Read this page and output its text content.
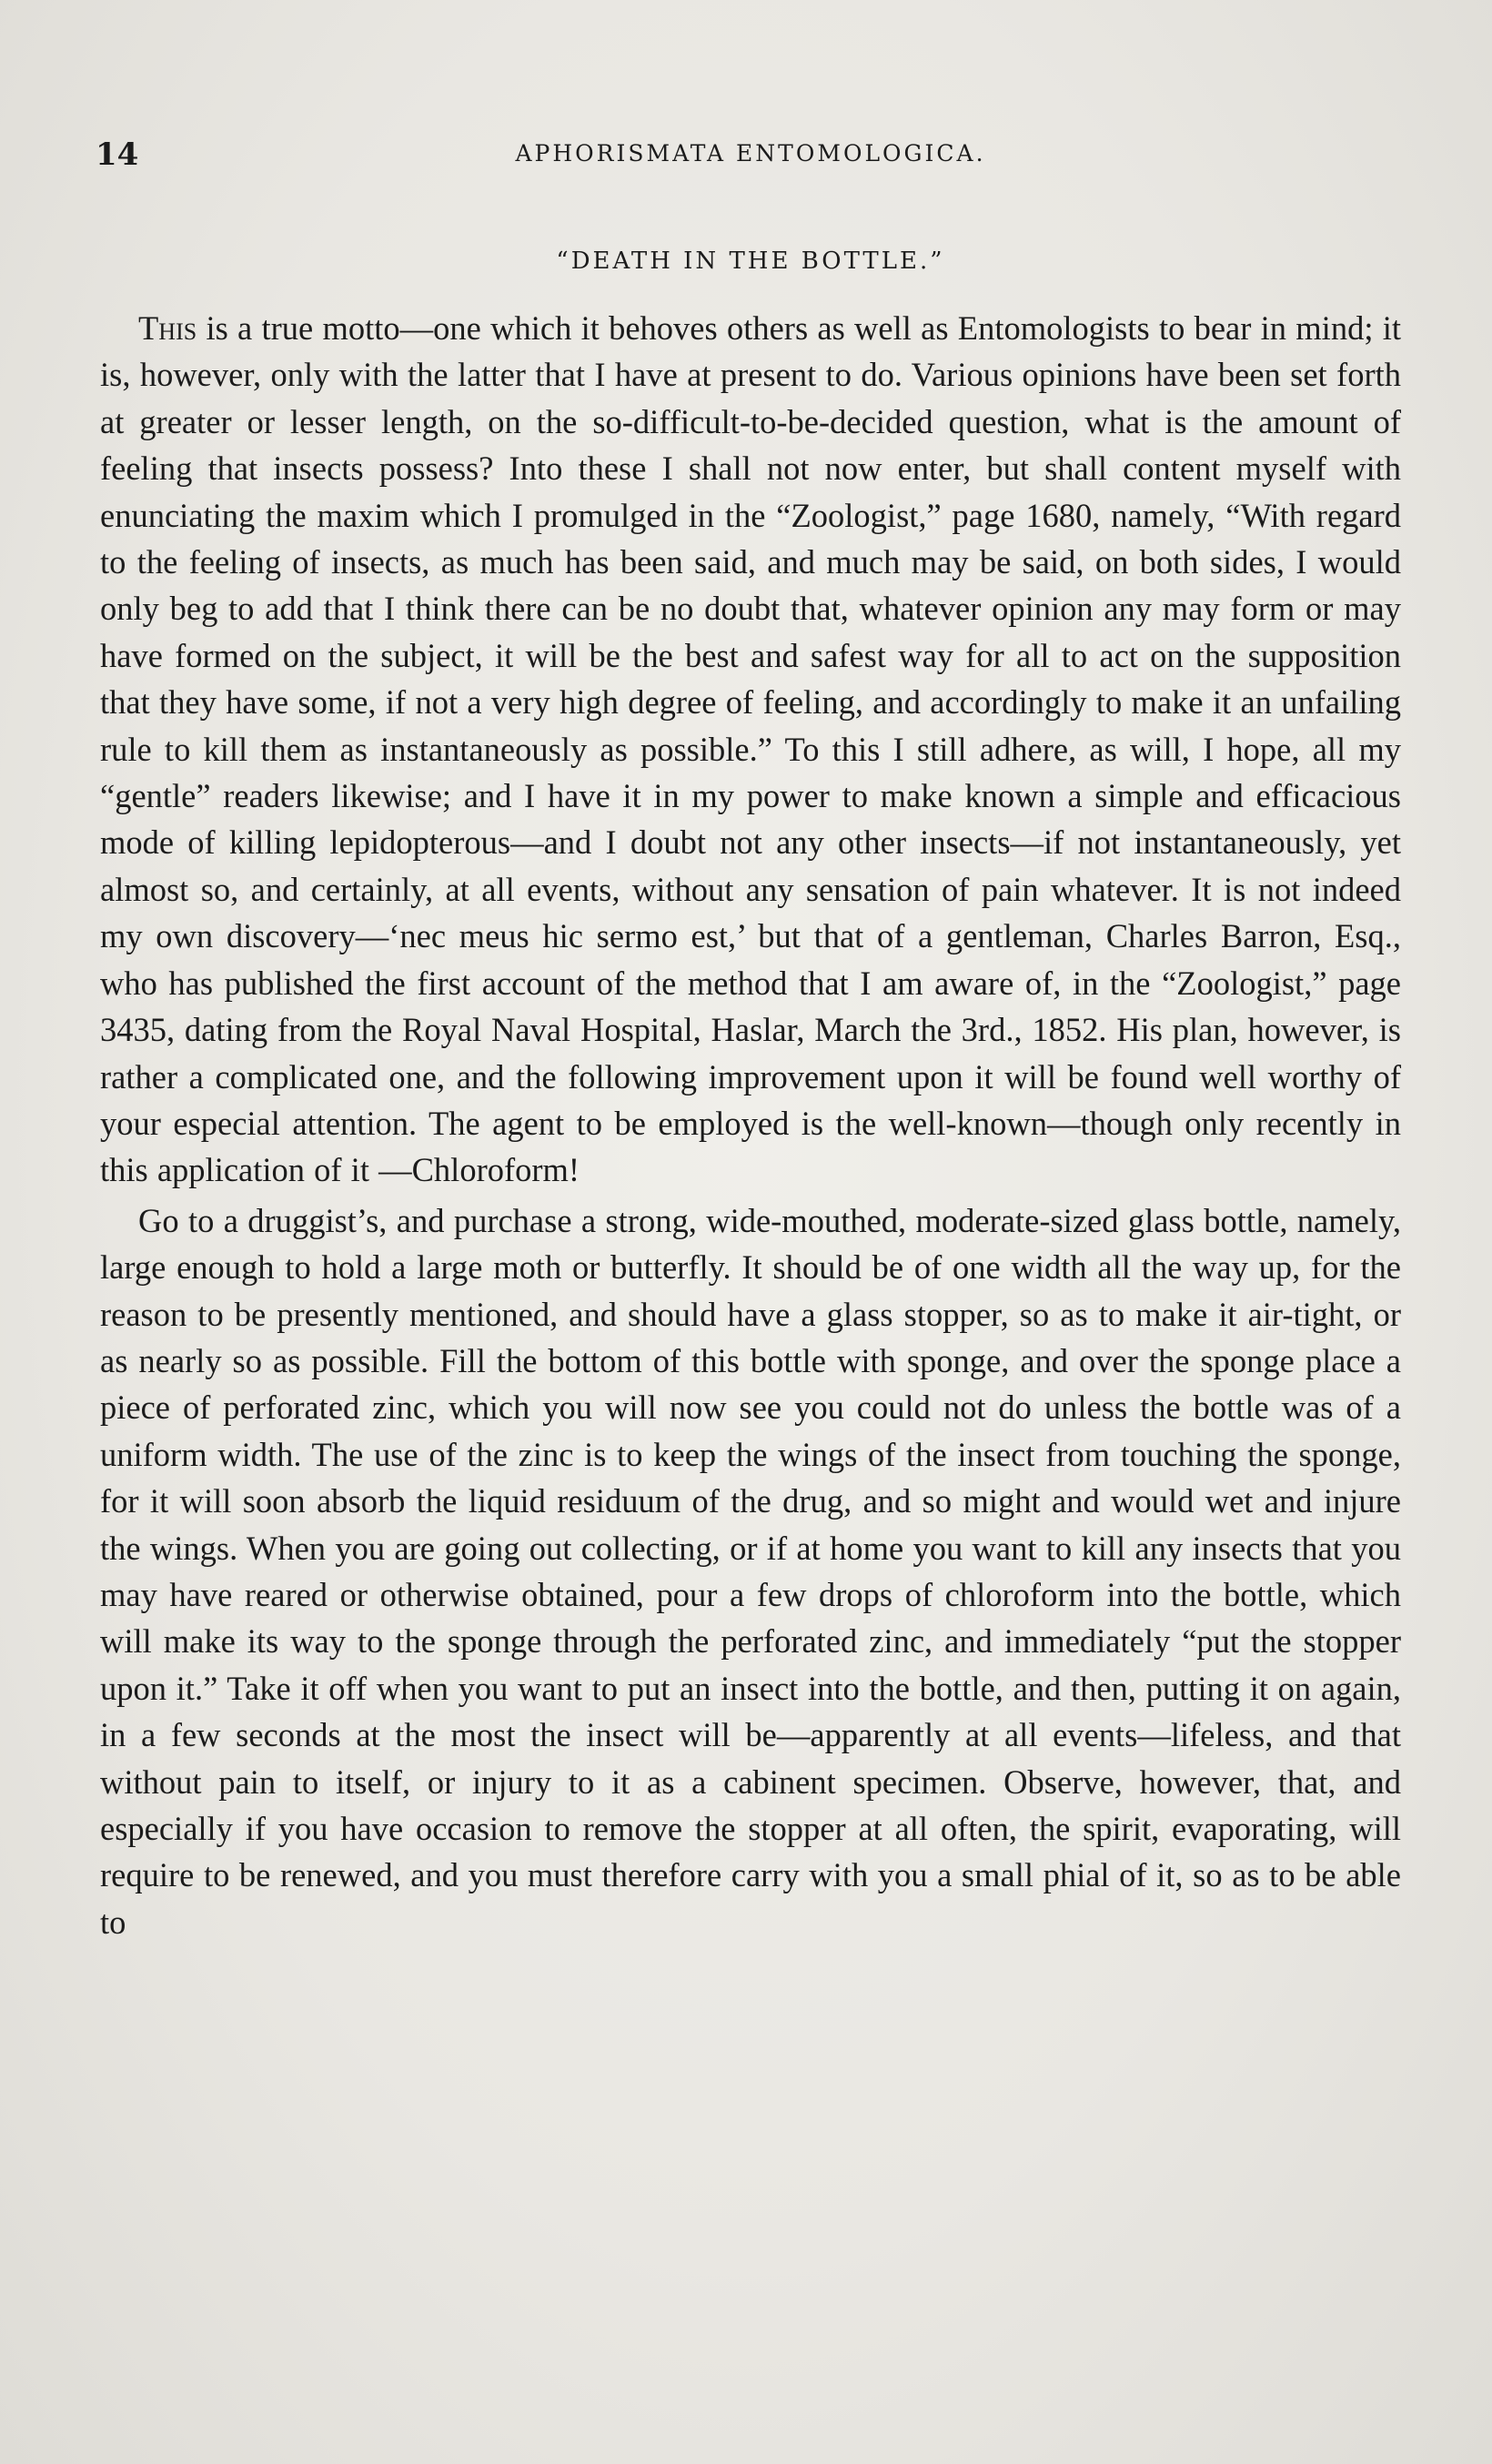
14	APHORISMATA ENTOMOLOGICA.
“DEATH IN THE BOTTLE.”

This is a true motto—one which it behoves others as well as Entomologists to bear in mind; it is, however, only with the latter that I have at present to do. Various opinions have been set forth at greater or lesser length, on the so-difficult-to-be-decided question, what is the amount of feeling that insects possess? Into these I shall not now enter, but shall content myself with enunciating the maxim which I promulged in the “Zoologist,” page 1680, namely, “With regard to the feeling of insects, as much has been said, and much may be said, on both sides, I would only beg to add that I think there can be no doubt that, whatever opinion any may form or may have formed on the subject, it will be the best and safest way for all to act on the supposition that they have some, if not a very high degree of feeling, and accordingly to make it an unfailing rule to kill them as instantaneously as possible.” To this I still adhere, as will, I hope, all my “gentle” readers likewise; and I have it in my power to make known a simple and efficacious mode of killing lepidopterous—and I doubt not any other insects—if not instantaneously, yet almost so, and certainly, at all events, without any sensation of pain whatever. It is not indeed my own discovery—‘nec meus hic sermo est,’ but that of a gentleman, Charles Barron, Esq., who has published the first account of the method that I am aware of, in the “Zoologist,” page 3435, dating from the Royal Naval Hospital, Haslar, March the 3rd., 1852. His plan, however, is rather a complicated one, and the following improvement upon it will be found well worthy of your especial attention. The agent to be employed is the well-known—though only recently in this application of it —Chloroform!

Go to a druggist’s, and purchase a strong, wide-mouthed, moderate-sized glass bottle, namely, large enough to hold a large moth or butterfly. It should be of one width all the way up, for the reason to be presently mentioned, and should have a glass stopper, so as to make it air-tight, or as nearly so as possible. Fill the bottom of this bottle with sponge, and over the sponge place a piece of perforated zinc, which you will now see you could not do unless the bottle was of a uniform width. The use of the zinc is to keep the wings of the insect from touching the sponge, for it will soon absorb the liquid residuum of the drug, and so might and would wet and injure the wings. When you are going out collecting, or if at home you want to kill any insects that you may have reared or otherwise obtained, pour a few drops of chloroform into the bottle, which will make its way to the sponge through the perforated zinc, and immediately “put the stopper upon it.” Take it off when you want to put an insect into the bottle, and then, putting it on again, in a few seconds at the most the insect will be—apparently at all events—lifeless, and that without pain to itself, or injury to it as a cabinent specimen. Observe, however, that, and especially if you have occasion to remove the stopper at all often, the spirit, evaporating, will require to be renewed, and you must therefore carry with you a small phial of it, so as to be able to
